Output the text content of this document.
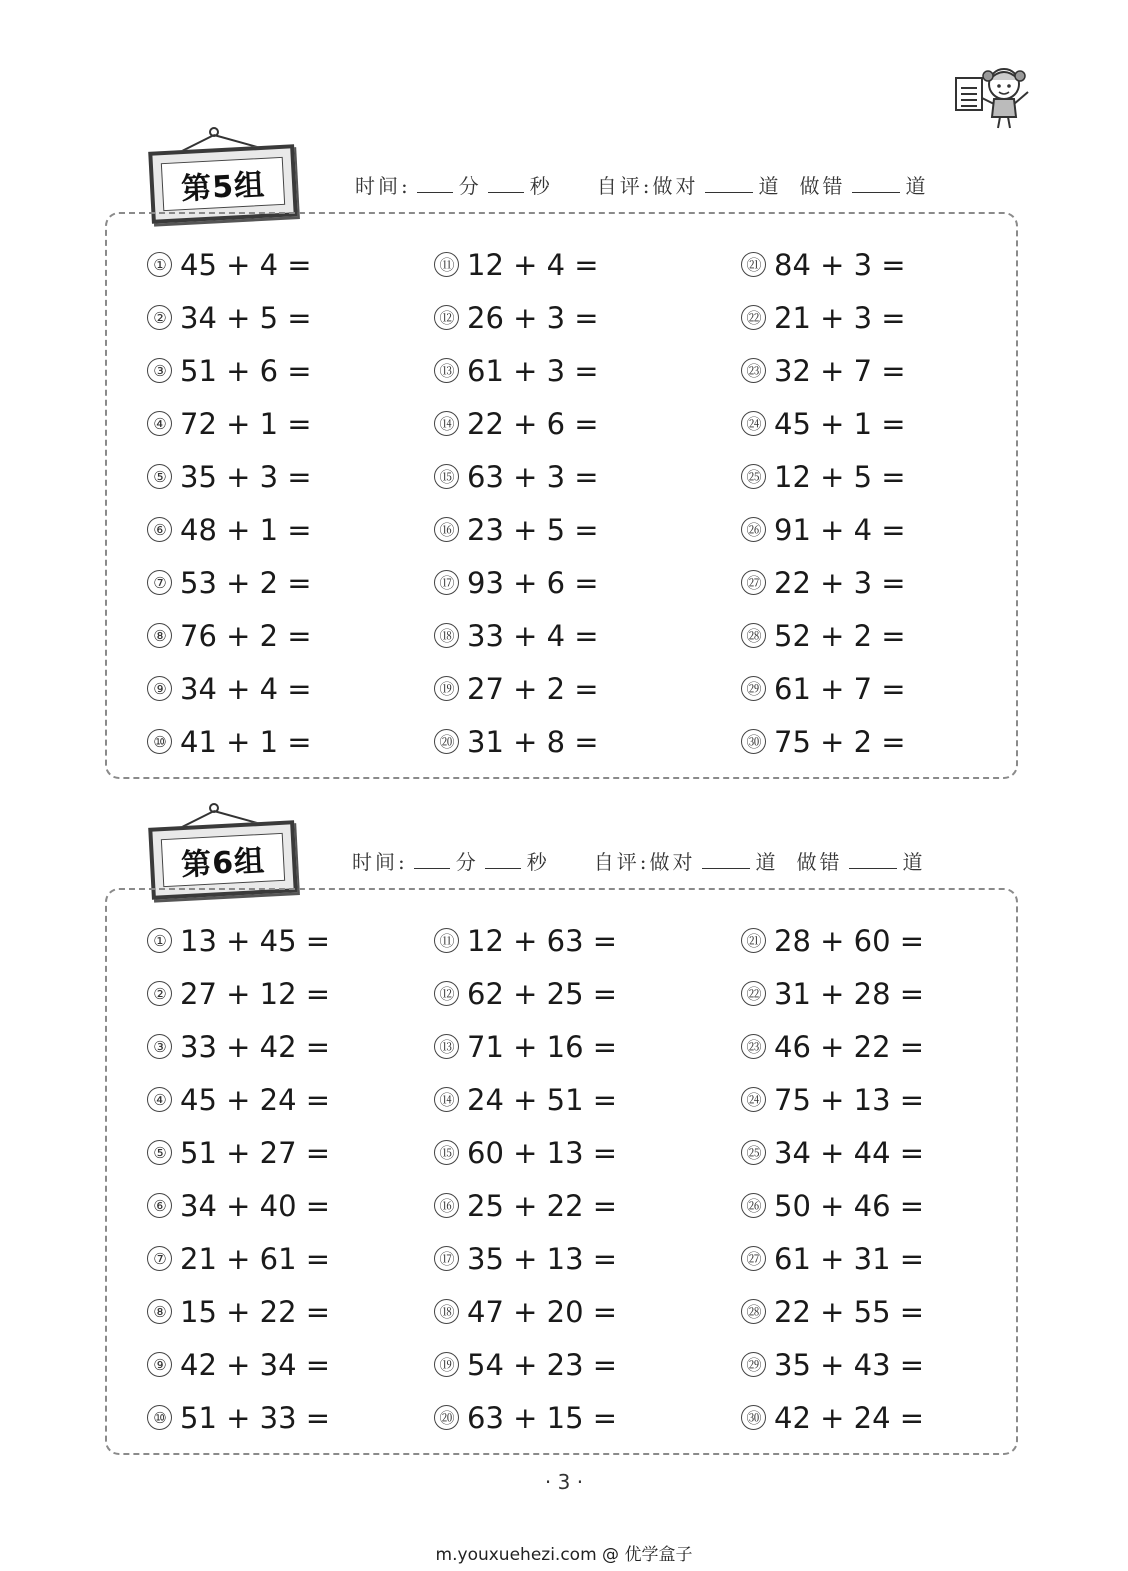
第5组	时间: 分 秒 自评:做对	道 做错	道
① 45 + 4 =
② 34 + 5 =
③ 51 + 6 =
④ 72 + 1 =
⑤ 35 + 3 =
⑥ 48 + 1 =
⑦ 53 + 2 =
⑧ 76 + 2 =
⑨ 34 + 4 =
⑩ 41 + 1 =
⑪ 12 + 4 =
⑫ 26 + 3 =
⑬ 61 + 3 =
⑭ 22 + 6 =
⑮ 63 + 3 =
⑯ 23 + 5 =
⑰ 93 + 6 =
⑱ 33 + 4 =
⑲ 27 + 2 =
⑳ 31 + 8 =
㉑ 84 + 3 =
㉒ 21 + 3 =
㉓ 32 + 7 =
㉔ 45 + 1 =
㉕ 12 + 5 =
㉖ 91 + 4 =
㉗ 22 + 3 =
㉘ 52 + 2 =
㉙ 61 + 7 =
㉚ 75 + 2 =
第6组	时间: 分 秒 自评:做对	道 做错	道
① 13 + 45 =
② 27 + 12 =
③ 33 + 42 =
④ 45 + 24 =
⑤ 51 + 27 =
⑥ 34 + 40 =
⑦ 21 + 61 =
⑧ 15 + 22 =
⑨ 42 + 34 =
⑩ 51 + 33 =
⑪ 12 + 63 =
⑫ 62 + 25 =
⑬ 71 + 16 =
⑭ 24 + 51 =
⑮ 60 + 13 =
⑯ 25 + 22 =
⑰ 35 + 13 =
⑱ 47 + 20 =
⑲ 54 + 23 =
⑳ 63 + 15 =
㉑ 28 + 60 =
㉒ 31 + 28 =
㉓ 46 + 22 =
㉔ 75 + 13 =
㉕ 34 + 44 =
㉖ 50 + 46 =
㉗ 61 + 31 =
㉘ 22 + 55 =
㉙ 35 + 43 =
㉚ 42 + 24 =
· 3 ·
m.youxuehezi.com @ 优学盒子
